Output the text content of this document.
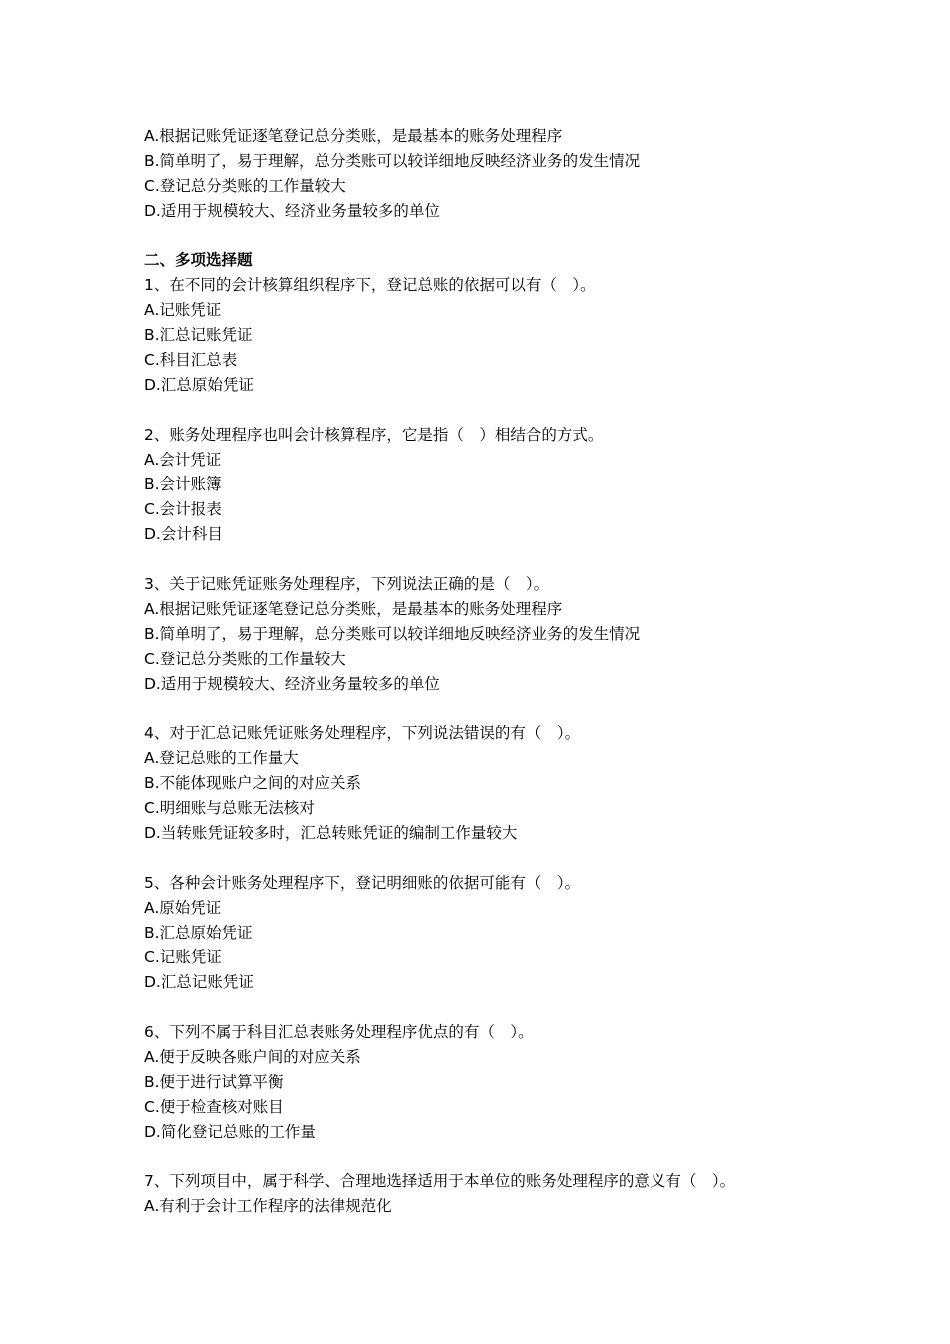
A.根据记账凭证逐笔登记总分类账，是最基本的账务处理程序
B.简单明了，易于理解，总分类账可以较详细地反映经济业务的发生情况
C.登记总分类账的工作量较大
D.适用于规模较大、经济业务量较多的单位
二、多项选择题
1、在不同的会计核算组织程序下，登记总账的依据可以有（　）。
A.记账凭证
B.汇总记账凭证
C.科目汇总表
D.汇总原始凭证
2、账务处理程序也叫会计核算程序，它是指（　）相结合的方式。
A.会计凭证
B.会计账簿
C.会计报表
D.会计科目
3、关于记账凭证账务处理程序，下列说法正确的是（　）。
A.根据记账凭证逐笔登记总分类账，是最基本的账务处理程序
B.简单明了，易于理解，总分类账可以较详细地反映经济业务的发生情况
C.登记总分类账的工作量较大
D.适用于规模较大、经济业务量较多的单位
4、对于汇总记账凭证账务处理程序，下列说法错误的有（　）。
A.登记总账的工作量大
B.不能体现账户之间的对应关系
C.明细账与总账无法核对
D.当转账凭证较多时，汇总转账凭证的编制工作量较大
5、各种会计账务处理程序下，登记明细账的依据可能有（　）。
A.原始凭证
B.汇总原始凭证
C.记账凭证
D.汇总记账凭证
6、下列不属于科目汇总表账务处理程序优点的有（　）。
A.便于反映各账户间的对应关系
B.便于进行试算平衡
C.便于检查核对账目
D.简化登记总账的工作量
7、下列项目中，属于科学、合理地选择适用于本单位的账务处理程序的意义有（　）。
A.有利于会计工作程序的法律规范化
